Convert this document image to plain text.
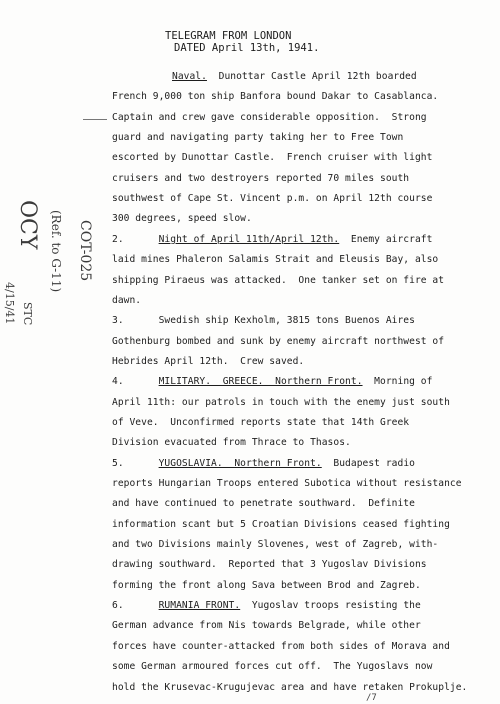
TELEGRAM FROM LONDON
DATED April 13th, 1941.
Naval.  Dunottar Castle April 12th boarded
French 9,000 ton ship Banfora bound Dakar to Casablanca.
Captain and crew gave considerable opposition.  Strong
guard and navigating party taking her to Free Town
escorted by Dunottar Castle.  French cruiser with light
cruisers and two destroyers reported 70 miles south
southwest of Cape St. Vincent p.m. on April 12th course
300 degrees, speed slow.
2.      Night of April 11th/April 12th.  Enemy aircraft
laid mines Phaleron Salamis Strait and Eleusis Bay, also
shipping Piraeus was attacked.  One tanker set on fire at
dawn.
3.      Swedish ship Kexholm, 3815 tons Buenos Aires
Gothenburg bombed and sunk by enemy aircraft northwest of
Hebrides April 12th.  Crew saved.
4.      MILITARY.  GREECE.  Northern Front.  Morning of
April 11th: our patrols in touch with the enemy just south
of Veve.  Unconfirmed reports state that 14th Greek
Division evacuated from Thrace to Thasos.
5.      YUGOSLAVIA.  Northern Front.  Budapest radio
reports Hungarian Troops entered Subotica without resistance
and have continued to penetrate southward.  Definite
information scant but 5 Croatian Divisions ceased fighting
and two Divisions mainly Slovenes, west of Zagreb, with-
drawing southward.  Reported that 3 Yugoslav Divisions
forming the front along Sava between Brod and Zagreb.
6.      RUMANIA FRONT.  Yugoslav troops resisting the
German advance from Nis towards Belgrade, while other
forces have counter-attacked from both sides of Morava and
some German armoured forces cut off.  The Yugoslavs now
hold the Krusevac-Krugujevac area and have retaken Prokuplje.
OCY (Ref. to G-11) COT-025
4/15/41 STC
/7
